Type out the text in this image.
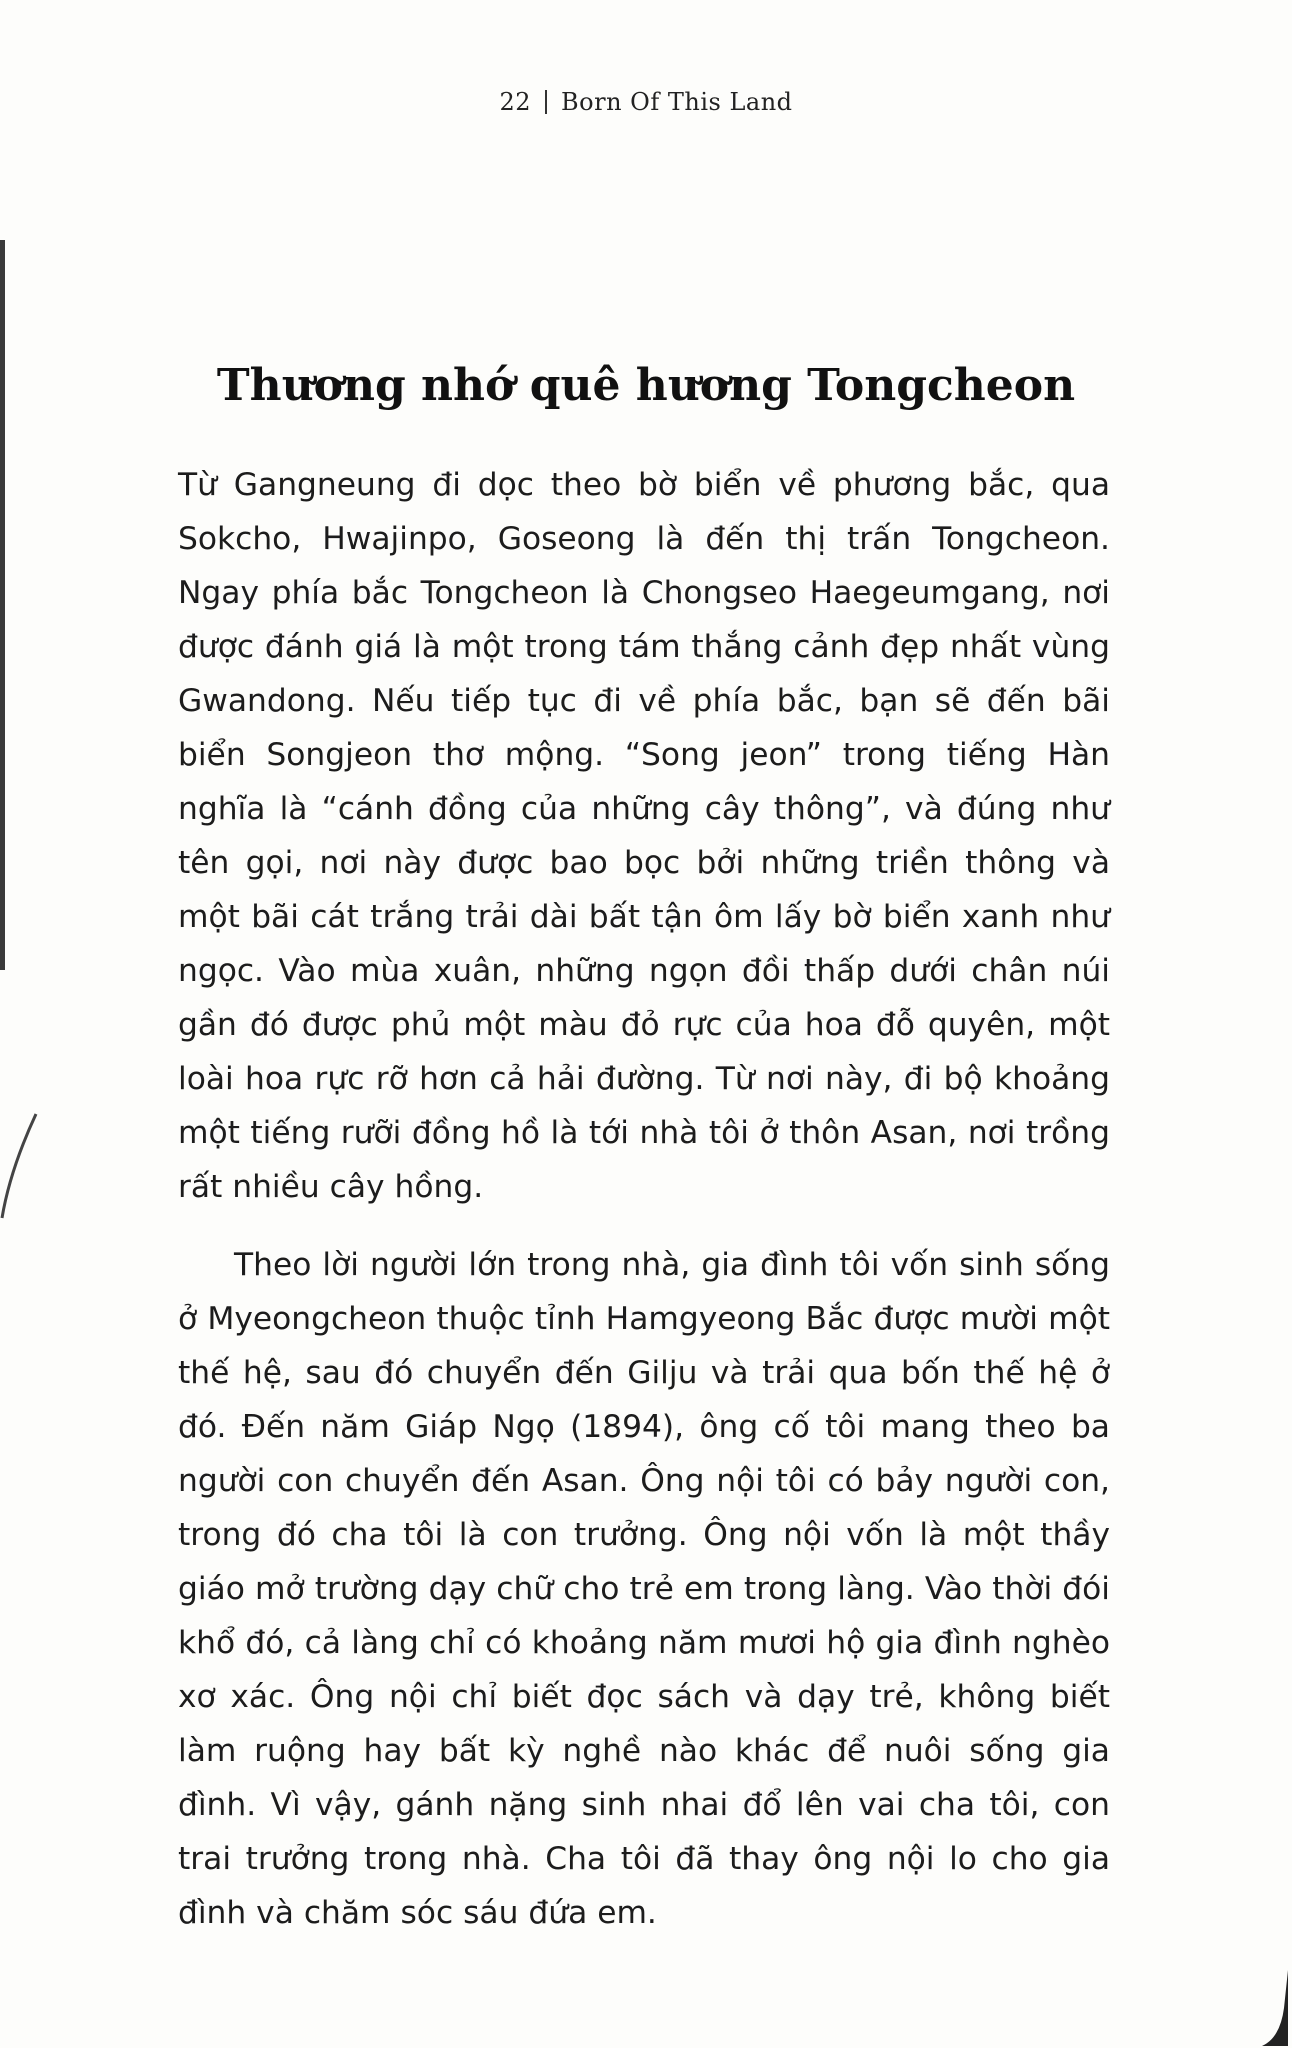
22 Born Of This Land
Thương nhớ quê hương Tongcheon

Từ Gangneung đi dọc theo bờ biển về phương bắc, qua Sokcho, Hwajinpo, Goseong là đến thị trấn Tongcheon. Ngay phía bắc Tongcheon là Chongseo Haegeumgang, nơi được đánh giá là một trong tám thắng cảnh đẹp nhất vùng Gwandong. Nếu tiếp tục đi về phía bắc, bạn sẽ đến bãi biển Songjeon thơ mộng. “Song jeon” trong tiếng Hàn nghĩa là “cánh đồng của những cây thông”, và đúng như tên gọi, nơi này được bao bọc bởi những triền thông và một bãi cát trắng trải dài bất tận ôm lấy bờ biển xanh như ngọc. Vào mùa xuân, những ngọn đồi thấp dưới chân núi gần đó được phủ một màu đỏ rực của hoa đỗ quyên, một loài hoa rực rỡ hơn cả hải đường. Từ nơi này, đi bộ khoảng một tiếng rưỡi đồng hồ là tới nhà tôi ở thôn Asan, nơi trồng rất nhiều cây hồng.

Theo lời người lớn trong nhà, gia đình tôi vốn sinh sống ở Myeongcheon thuộc tỉnh Hamgyeong Bắc được mười một thế hệ, sau đó chuyển đến Gilju và trải qua bốn thế hệ ở đó. Đến năm Giáp Ngọ (1894), ông cố tôi mang theo ba người con chuyển đến Asan. Ông nội tôi có bảy người con, trong đó cha tôi là con trưởng. Ông nội vốn là một thầy giáo mở trường dạy chữ cho trẻ em trong làng. Vào thời đói khổ đó, cả làng chỉ có khoảng năm mươi hộ gia đình nghèo xơ xác. Ông nội chỉ biết đọc sách và dạy trẻ, không biết làm ruộng hay bất kỳ nghề nào khác để nuôi sống gia đình. Vì vậy, gánh nặng sinh nhai đổ lên vai cha tôi, con trai trưởng trong nhà. Cha tôi đã thay ông nội lo cho gia đình và chăm sóc sáu đứa em.
